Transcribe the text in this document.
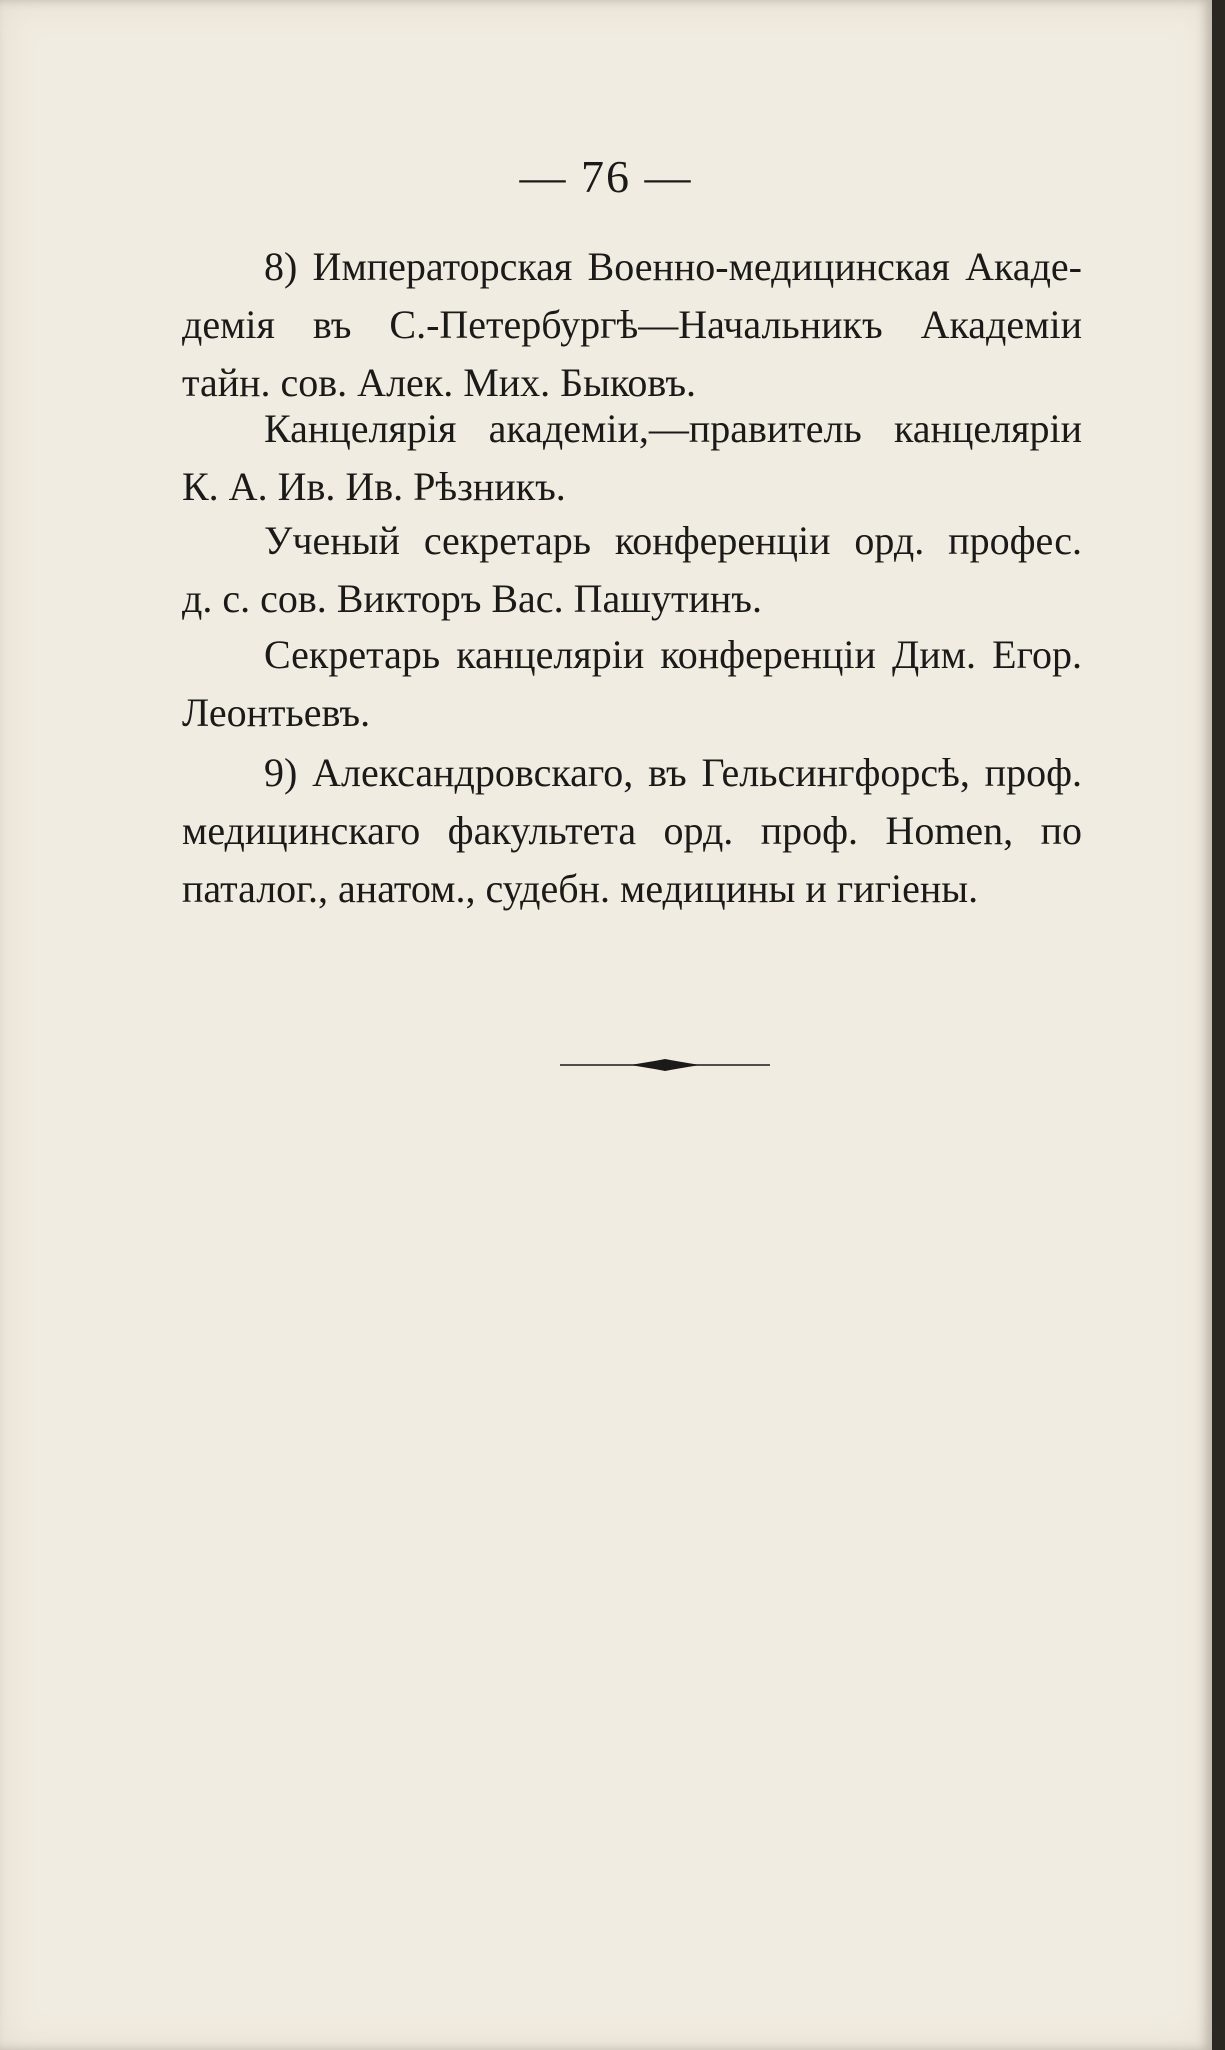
— 76 —
8) Императорская Военно-медицинская Акаде-
демія въ С.-Петербургѣ—Начальникъ Академіи
тайн. сов. Алек. Мих. Быковъ.
Канцелярія академіи,—правитель канцеляріи
К. А. Ив. Ив. Рѣзникъ.
Ученый секретарь конференціи орд. профес.
д. с. сов. Викторъ Вас. Пашутинъ.
Секретарь канцеляріи конференціи Дим. Егор.
Леонтьевъ.
9) Александровскаго, въ Гельсингфорсѣ, проф.
медицинскаго факультета орд. проф. Homen, по
паталог., анатом., судебн. медицины и гигіены.
